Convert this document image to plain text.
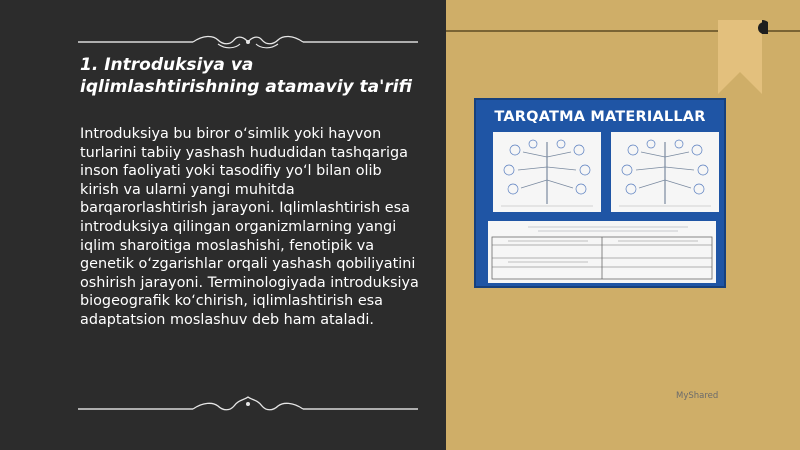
1. Introduksiya va iqlimlashtirishning atamaviy ta'rifi
Introduksiya bu biror o‘simlik yoki hayvon turlarini tabiiy yashash hududidan tashqariga inson faoliyati yoki tasodifiy yo‘l bilan olib kirish va ularni yangi muhitda barqarorlashtirish jarayoni. Iqlimlashtirish esa introduksiya qilingan organizmlarning yangi iqlim sharoitiga moslashishi, fenotipik va genetik o‘zgarishlar orqali yashash qobiliyatini oshirish jarayoni. Terminologiyada introduksiya biogeografik ko‘chirish, iqlimlashtirish esa adaptatsion moslashuv deb ham ataladi.
TARQATMA MATERIALLAR
MyShared
